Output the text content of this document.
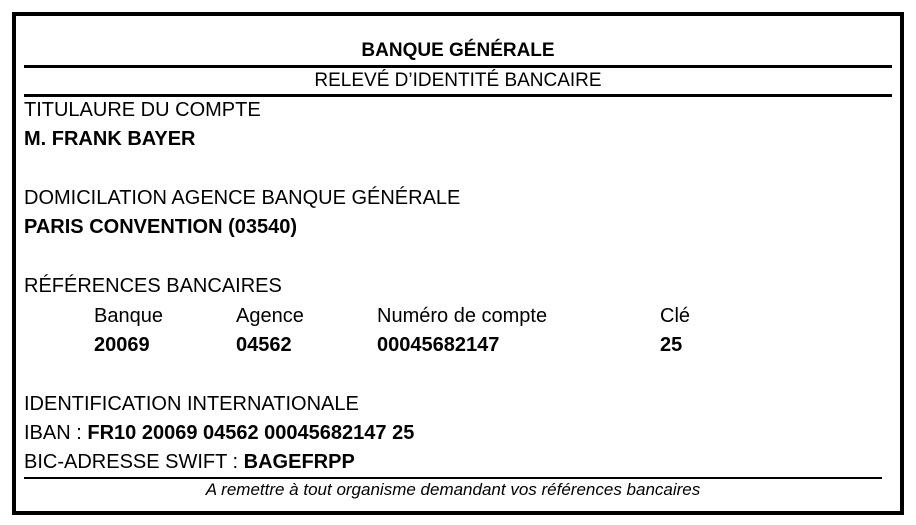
BANQUE GÉNÉRALE
RELEVÉ D’IDENTITÉ BANCAIRE
TITULAURE DU COMPTE
M. FRANK BAYER
DOMICILATION AGENCE BANQUE GÉNÉRALE
PARIS CONVENTION (03540)
RÉFÉRENCES BANCAIRES
Banque	Agence	Numéro de compte	Clé
20069	04562	00045682147	25
IDENTIFICATION INTERNATIONALE
IBAN : FR10 20069 04562 00045682147 25
BIC-ADRESSE SWIFT : BAGEFRPP
A remettre à tout organisme demandant vos références bancaires
